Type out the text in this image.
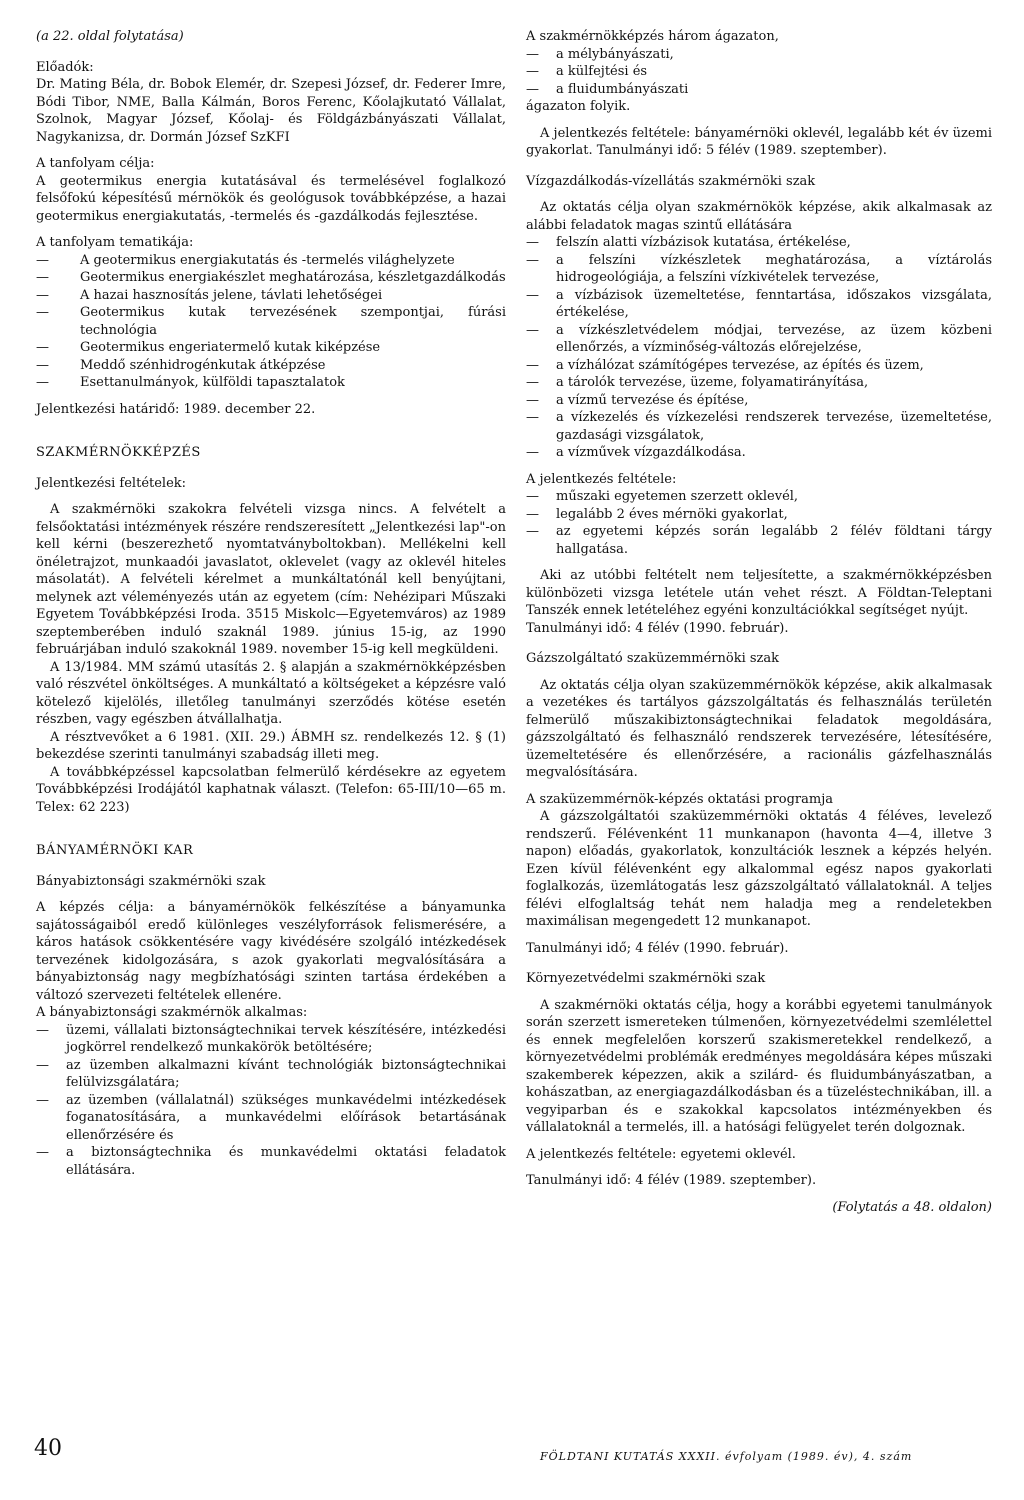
(a 22. oldal folytatása)

Előadók:

Dr. Mating Béla, dr. Bobok Elemér, dr. Szepesi József, dr. Federer Imre, Bódi Tibor, NME, Balla Kálmán, Boros Ferenc, Kőolajkutató Vállalat, Szolnok, Magyar József, Kőolaj- és Földgázbányászati Vállalat, Nagykanizsa, dr. Dormán József SzKFI

A tanfolyam célja:

A geotermikus energia kutatásával és termelésével foglalkozó felsőfokú képesítésű mérnökök és geológusok továbbképzése, a hazai geotermikus energiakutatás, -termelés és -gazdálkodás fejlesztése.

A tanfolyam tematikája:

—	A geotermikus energiakutatás és -termelés világhelyzete
—	Geotermikus energiakészlet meghatározása, készletgazdálkodás
—	A hazai hasznosítás jelene, távlati lehetőségei
—	Geotermikus kutak tervezésének szempontjai, fúrási technológia
—	Geotermikus engeriatermelő kutak kiképzése
—	Meddő szénhidrogénkutak átképzése
—	Esettanulmányok, külföldi tapasztalatok

Jelentkezési határidő: 1989. december 22.

SZAKMÉRNÖKKÉPZÉS

Jelentkezési feltételek:

A szakmérnöki szakokra felvételi vizsga nincs. A felvételt a felsőoktatási intézmények részére rendszeresített „Jelentkezési lap"-on kell kérni (beszerezhető nyomtatványboltokban). Mellékelni kell önéletrajzot, munkaadói javaslatot, oklevelet (vagy az oklevél hiteles másolatát). A felvételi kérelmet a munkáltatónál kell benyújtani, melynek azt véleményezés után az egyetem (cím: Nehézipari Műszaki Egyetem Továbbképzési Iroda. 3515 Miskolc—Egyetemváros) az 1989 szeptemberében induló szaknál 1989. június 15-ig, az 1990 februárjában induló szakoknál 1989. november 15-ig kell megküldeni.

A 13/1984. MM számú utasítás 2. § alapján a szakmérnökképzésben való részvétel önköltséges. A munkáltató a költségeket a képzésre való kötelező kijelölés, illetőleg tanulmányi szerződés kötése esetén részben, vagy egészben átvállalhatja.

A résztvevőket a 6 1981. (XII. 29.) ÁBMH sz. rendelkezés 12. § (1) bekezdése szerinti tanulmányi szabadság illeti meg.

A továbbképzéssel kapcsolatban felmerülő kérdésekre az egyetem Továbbképzési Irodájától kaphatnak választ. (Telefon: 65-III/10—65 m. Telex: 62 223)

BÁNYAMÉRNÖKI KAR

Bányabiztonsági szakmérnöki szak

A képzés célja: a bányamérnökök felkészítése a bányamunka sajátosságaiból eredő különleges veszélyforrások felismerésére, a káros hatások csökkentésére vagy kivédésére szolgáló intézkedések tervezének kidolgozására, s azok gyakorlati megvalósítására a bányabiztonság nagy megbízhatósági szinten tartása érdekében a változó szervezeti feltételek ellenére.

A bányabiztonsági szakmérnök alkalmas:

—	üzemi, vállalati biztonságtechnikai tervek készítésére, intézkedési jogkörrel rendelkező munkakörök betöltésére;
—	az üzemben alkalmazni kívánt technológiák biztonságtechnikai felülvizsgálatára;
—	az üzemben (vállalatnál) szükséges munkavédelmi intézkedések foganatosítására, a munkavédelmi előírások betartásának ellenőrzésére és
—	a biztonságtechnika és munkavédelmi oktatási feladatok ellátására.

A szakmérnökképzés három ágazaton,

—	a mélybányászati,
—	a külfejtési és
—	a fluidumbányászati

ágazaton folyik.

A jelentkezés feltétele: bányamérnöki oklevél, legalább két év üzemi gyakorlat. Tanulmányi idő: 5 félév (1989. szeptember).

Vízgazdálkodás-vízellátás szakmérnöki szak

Az oktatás célja olyan szakmérnökök képzése, akik alkalmasak az alábbi feladatok magas szintű ellátására

—	felszín alatti vízbázisok kutatása, értékelése,
—	a felszíni vízkészletek meghatározása, a víztárolás hidrogeológiája, a felszíni vízkivételek tervezése,
—	a vízbázisok üzemeltetése, fenntartása, időszakos vizsgálata, értékelése,
—	a vízkészletvédelem módjai, tervezése, az üzem közbeni ellenőrzés, a vízminőség-változás előrejelzése,
—	a vízhálózat számítógépes tervezése, az építés és üzem,
—	a tárolók tervezése, üzeme, folyamatirányítása,
—	a vízmű tervezése és építése,
—	a vízkezelés és vízkezelési rendszerek tervezése, üzemeltetése, gazdasági vizsgálatok,
—	a vízművek vízgazdálkodása.

A jelentkezés feltétele:

—	műszaki egyetemen szerzett oklevél,
—	legalább 2 éves mérnöki gyakorlat,
—	az egyetemi képzés során legalább 2 félév földtani tárgy hallgatása.

Aki az utóbbi feltételt nem teljesítette, a szakmérnökképzésben különbözeti vizsga letétele után vehet részt. A Földtan-Teleptani Tanszék ennek letételéhez egyéni konzultációkkal segítséget nyújt.

Tanulmányi idő: 4 félév (1990. február).

Gázszolgáltató szaküzemmérnöki szak

Az oktatás célja olyan szaküzemmérnökök képzése, akik alkalmasak a vezetékes és tartályos gázszolgáltatás és felhasználás területén felmerülő műszakibiztonságtechnikai feladatok megoldására, gázszolgáltató és felhasználó rendszerek tervezésére, létesítésére, üzemeltetésére és ellenőrzésére, a racionális gázfelhasználás megvalósítására.

A szaküzemmérnök-képzés oktatási programja

A gázszolgáltatói szaküzemmérnöki oktatás 4 féléves, levelező rendszerű. Félévenként 11 munkanapon (havonta 4—4, illetve 3 napon) előadás, gyakorlatok, konzultációk lesznek a képzés helyén. Ezen kívül félévenként egy alkalommal egész napos gyakorlati foglalkozás, üzemlátogatás lesz gázszolgáltató vállalatoknál. A teljes félévi elfoglaltság tehát nem haladja meg a rendeletekben maximálisan megengedett 12 munkanapot.

Tanulmányi idő; 4 félév (1990. február).

Környezetvédelmi szakmérnöki szak

A szakmérnöki oktatás célja, hogy a korábbi egyetemi tanulmányok során szerzett ismereteken túlmenően, környezetvédelmi szemlélettel és ennek megfelelően korszerű szakismeretekkel rendelkező, a környezetvédelmi problémák eredményes megoldására képes műszaki szakemberek képezzen, akik a szilárd- és fluidumbányászatban, a kohászatban, az energiagazdálkodásban és a tüzeléstechnikában, ill. a vegyiparban és e szakokkal kapcsolatos intézményekben és vállalatoknál a termelés, ill. a hatósági felügyelet terén dolgoznak.

A jelentkezés feltétele: egyetemi oklevél.

Tanulmányi idő: 4 félév (1989. szeptember).

(Folytatás a 48. oldalon)

40	FÖLDTANI KUTATÁS XXXII. évfolyam (1989. év), 4. szám
